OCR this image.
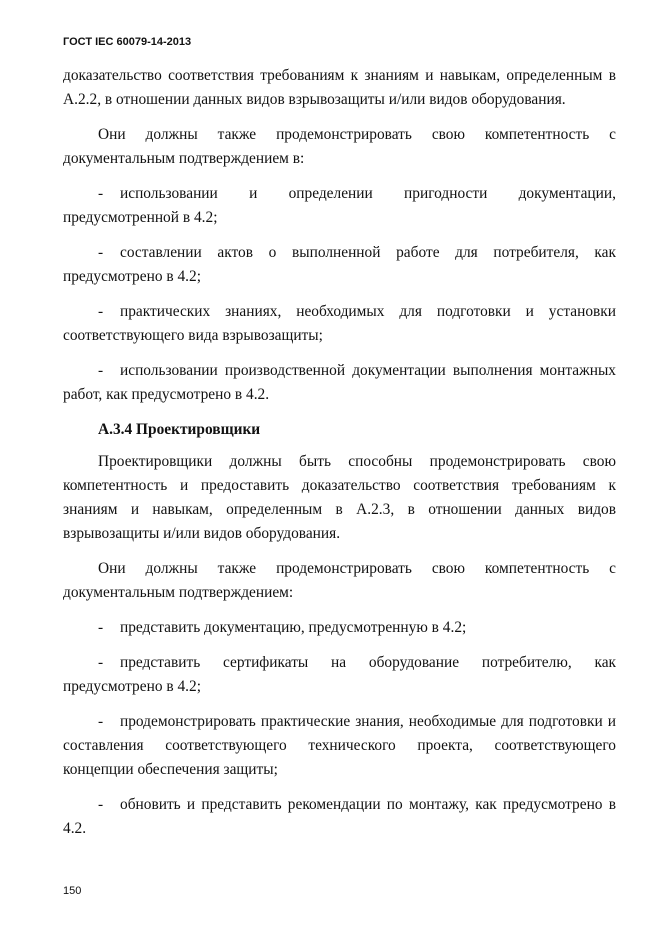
ГОСТ IEC 60079-14-2013

доказательство соответствия требованиям к знаниям и навыкам, определенным в А.2.2, в отношении данных видов взрывозащиты и/или видов оборудования.

Они должны также продемонстрировать свою компетентность с документальным подтверждением в:

- использовании и определении пригодности документации, предусмотренной в 4.2;

- составлении актов о выполненной работе для потребителя, как предусмотрено в 4.2;

- практических знаниях, необходимых для подготовки и установки соответствующего вида взрывозащиты;

- использовании производственной документации выполнения монтажных работ, как предусмотрено в 4.2.

А.3.4 Проектировщики

Проектировщики должны быть способны продемонстрировать свою компетентность и предоставить доказательство соответствия требованиям к знаниям и навыкам, определенным в А.2.3, в отношении данных видов взрывозащиты и/или видов оборудования.

Они должны также продемонстрировать свою компетентность с документальным подтверждением:

- представить документацию, предусмотренную в 4.2;

- представить сертификаты на оборудование потребителю, как предусмотрено в 4.2;

- продемонстрировать практические знания, необходимые для подготовки и составления соответствующего технического проекта, соответствующего концепции обеспечения защиты;

- обновить и представить рекомендации по монтажу, как предусмотрено в 4.2.

150
